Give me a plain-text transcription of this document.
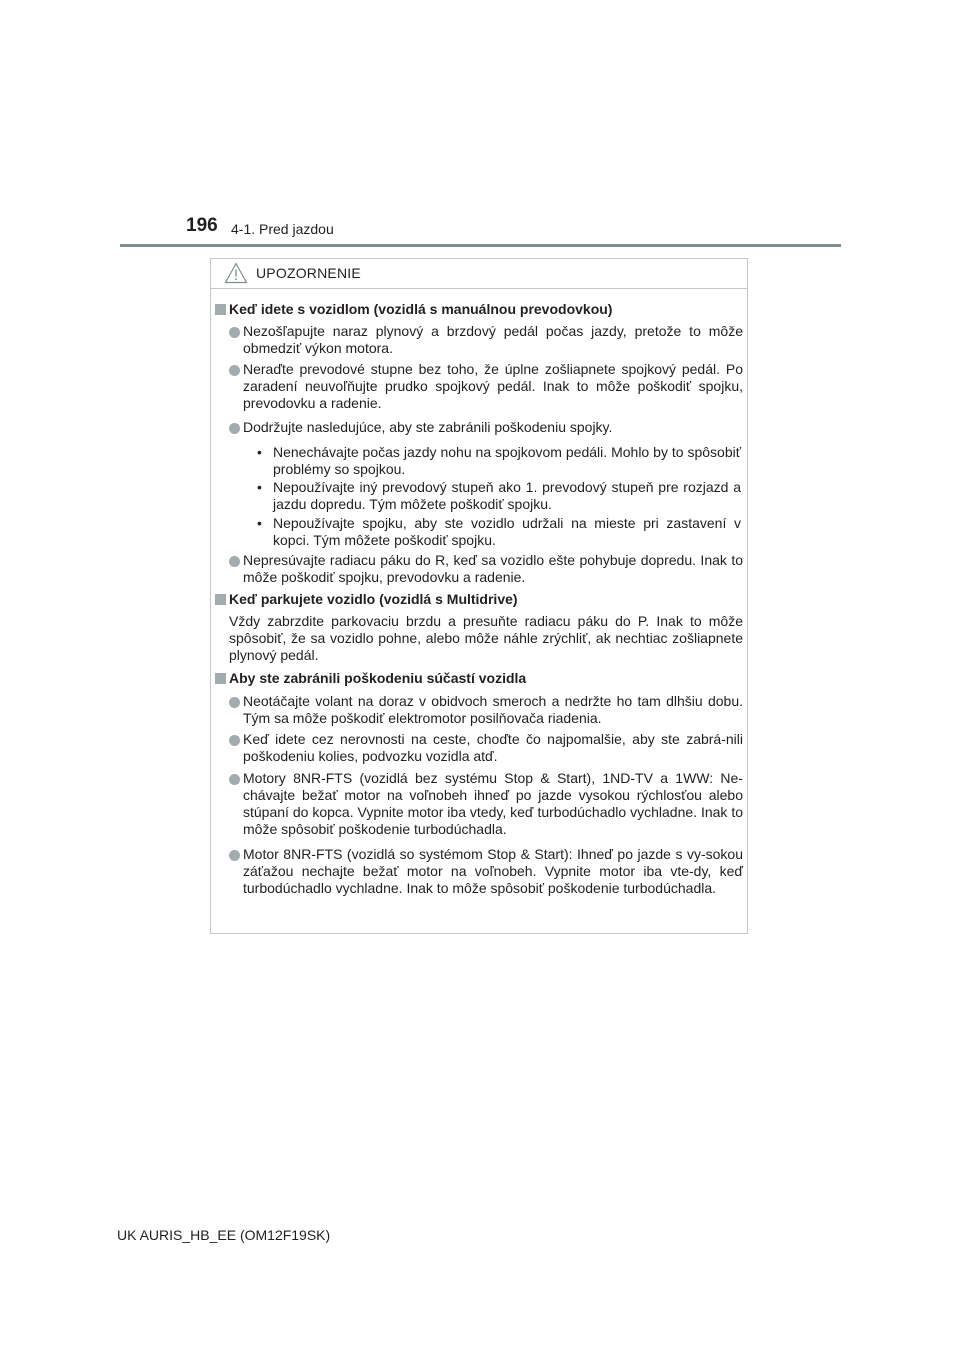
196 4-1. Pred jazdou
UPOZORNENIE
Keď idete s vozidlom (vozidlá s manuálnou prevodovkou)
Nezošľapujte naraz plynový a brzdový pedál počas jazdy, pretože to môže obmedziť výkon motora.
Neraďte prevodové stupne bez toho, že úplne zošliapnete spojkový pedál. Po zaradení neuvoľňujte prudko spojkový pedál. Inak to môže poškodiť spojku, prevodovku a radenie.
Dodržujte nasledujúce, aby ste zabránili poškodeniu spojky.
• Nenechávajte počas jazdy nohu na spojkovom pedáli. Mohlo by to spôsobiť problémy so spojkou.
• Nepoužívajte iný prevodový stupeň ako 1. prevodový stupeň pre rozjazd a jazdu dopredu. Tým môžete poškodiť spojku.
• Nepoužívajte spojku, aby ste vozidlo udržali na mieste pri zastavení v kopci. Tým môžete poškodiť spojku.
Nepresúvajte radiacu páku do R, keď sa vozidlo ešte pohybuje dopredu. Inak to môže poškodiť spojku, prevodovku a radenie.
Keď parkujete vozidlo (vozidlá s Multidrive)
Vždy zabrzdite parkovaciu brzdu a presuňte radiacu páku do P. Inak to môže spôsobiť, že sa vozidlo pohne, alebo môže náhle zrýchliť, ak nechtiac zošliapnete plynový pedál.
Aby ste zabránili poškodeniu súčastí vozidla
Neotáčajte volant na doraz v obidvoch smeroch a nedržte ho tam dlhšiu dobu. Tým sa môže poškodiť elektromotor posilňovača riadenia.
Keď idete cez nerovnosti na ceste, choďte čo najpomalšie, aby ste zabrá-nili poškodeniu kolies, podvozku vozidla atď.
Motory 8NR-FTS (vozidlá bez systému Stop & Start), 1ND-TV a 1WW: Ne-chávajte bežať motor na voľnobeh ihneď po jazde vysokou rýchlosťou alebo stúpaní do kopca. Vypnite motor iba vtedy, keď turbodúchadlo vychladne. Inak to môže spôsobiť poškodenie turbodúchadla.
Motor 8NR-FTS (vozidlá so systémom Stop & Start): Ihneď po jazde s vy-sokou záťažou nechajte bežať motor na voľnobeh. Vypnite motor iba vte-dy, keď turbodúchadlo vychladne. Inak to môže spôsobiť poškodenie turbodúchadla.
UK AURIS_HB_EE (OM12F19SK)
